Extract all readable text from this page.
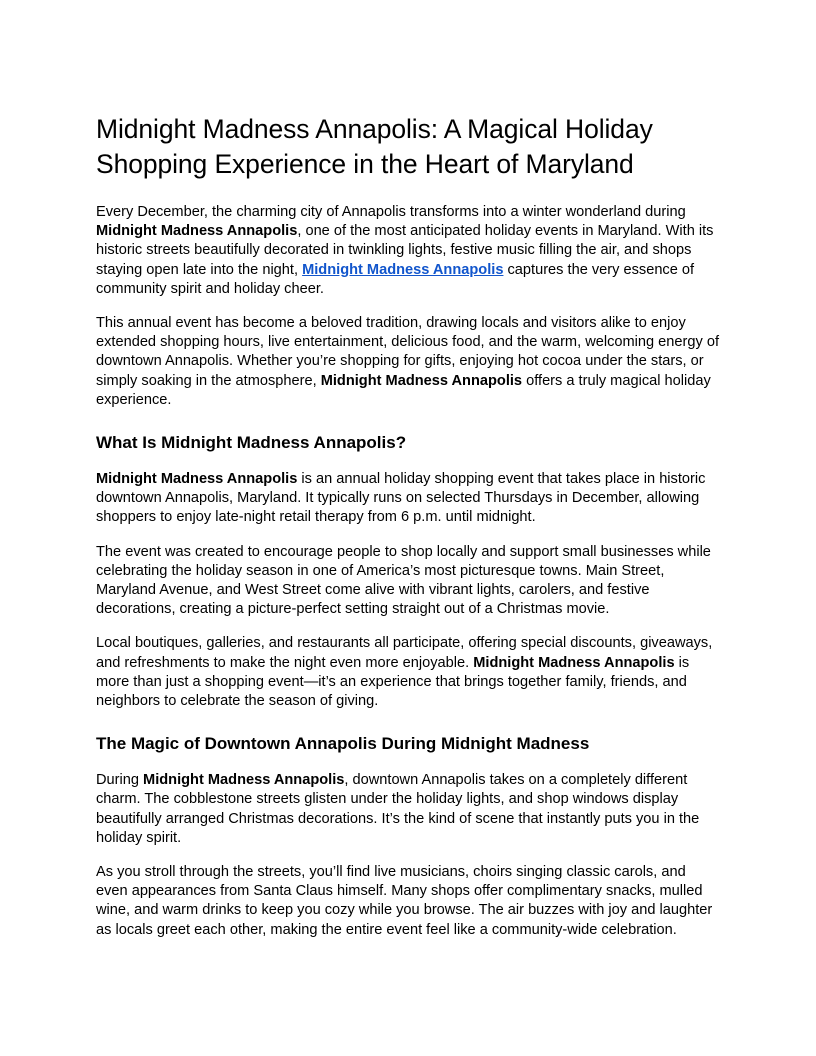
Midnight Madness Annapolis: A Magical Holiday Shopping Experience in the Heart of Maryland

Every December, the charming city of Annapolis transforms into a winter wonderland during Midnight Madness Annapolis, one of the most anticipated holiday events in Maryland. With its historic streets beautifully decorated in twinkling lights, festive music filling the air, and shops staying open late into the night, Midnight Madness Annapolis captures the very essence of community spirit and holiday cheer.

This annual event has become a beloved tradition, drawing locals and visitors alike to enjoy extended shopping hours, live entertainment, delicious food, and the warm, welcoming energy of downtown Annapolis. Whether you’re shopping for gifts, enjoying hot cocoa under the stars, or simply soaking in the atmosphere, Midnight Madness Annapolis offers a truly magical holiday experience.

What Is Midnight Madness Annapolis?

Midnight Madness Annapolis is an annual holiday shopping event that takes place in historic downtown Annapolis, Maryland. It typically runs on selected Thursdays in December, allowing shoppers to enjoy late-night retail therapy from 6 p.m. until midnight.

The event was created to encourage people to shop locally and support small businesses while celebrating the holiday season in one of America’s most picturesque towns. Main Street, Maryland Avenue, and West Street come alive with vibrant lights, carolers, and festive decorations, creating a picture-perfect setting straight out of a Christmas movie.

Local boutiques, galleries, and restaurants all participate, offering special discounts, giveaways, and refreshments to make the night even more enjoyable. Midnight Madness Annapolis is more than just a shopping event—it’s an experience that brings together family, friends, and neighbors to celebrate the season of giving.

The Magic of Downtown Annapolis During Midnight Madness

During Midnight Madness Annapolis, downtown Annapolis takes on a completely different charm. The cobblestone streets glisten under the holiday lights, and shop windows display beautifully arranged Christmas decorations. It’s the kind of scene that instantly puts you in the holiday spirit.

As you stroll through the streets, you’ll find live musicians, choirs singing classic carols, and even appearances from Santa Claus himself. Many shops offer complimentary snacks, mulled wine, and warm drinks to keep you cozy while you browse. The air buzzes with joy and laughter as locals greet each other, making the entire event feel like a community-wide celebration.
